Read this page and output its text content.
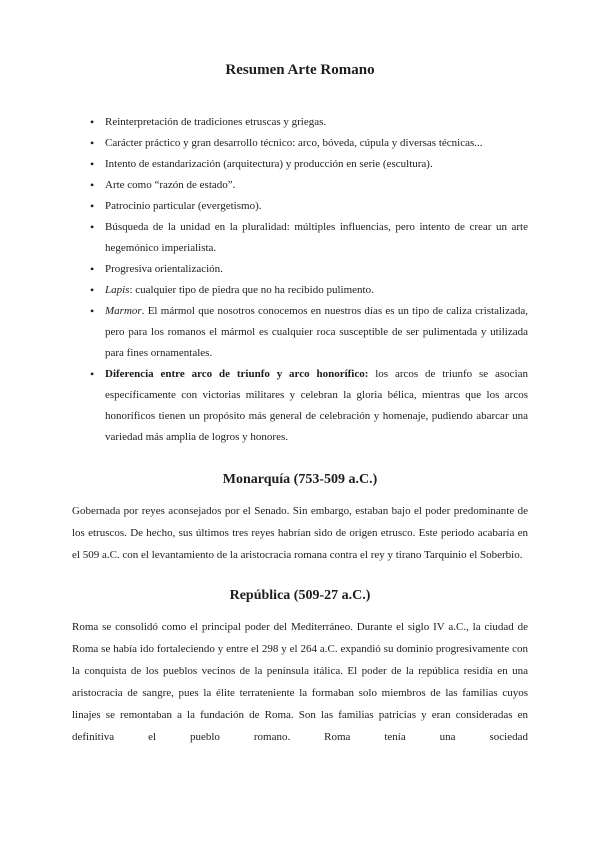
Resumen Arte Romano
• Reinterpretación de tradiciones etruscas y griegas.
• Carácter práctico y gran desarrollo técnico: arco, bóveda, cúpula y diversas técnicas...
• Intento de estandarización (arquitectura) y producción en serie (escultura).
• Arte como “razón de estado”.
• Patrocinio particular (evergetismo).
• Búsqueda de la unidad en la pluralidad: múltiples influencias, pero intento de crear un arte hegemónico imperialista.
• Progresiva orientalización.
• Lapis: cualquier tipo de piedra que no ha recibido pulimento.
• Marmor. El mármol que nosotros conocemos en nuestros días es un tipo de caliza cristalizada, pero para los romanos el mármol es cualquier roca susceptible de ser pulimentada y utilizada para fines ornamentales.
• Diferencia entre arco de triunfo y arco honorífico: los arcos de triunfo se asocian específicamente con victorias militares y celebran la gloria bélica, mientras que los arcos honoríficos tienen un propósito más general de celebración y homenaje, pudiendo abarcar una variedad más amplia de logros y honores.
Monarquía (753-509 a.C.)

Gobernada por reyes aconsejados por el Senado. Sin embargo, estaban bajo el poder predominante de los etruscos. De hecho, sus últimos tres reyes habrían sido de origen etrusco. Este periodo acabaría en el 509 a.C. con el levantamiento de la aristocracia romana contra el rey y tirano Tarquinio el Soberbio.

República (509-27 a.C.)

Roma se consolidó como el principal poder del Mediterráneo. Durante el siglo IV a.C., la ciudad de Roma se había ido fortaleciendo y entre el 298 y el 264 a.C. expandió su dominio progresivamente con la conquista de los pueblos vecinos de la península itálica. El poder de la república residía en una aristocracia de sangre, pues la élite terrateniente la formaban solo miembros de las familias cuyos linajes se remontaban a la fundación de Roma. Son las familias patricias y eran consideradas en definitiva el pueblo romano. Roma tenía una sociedad
